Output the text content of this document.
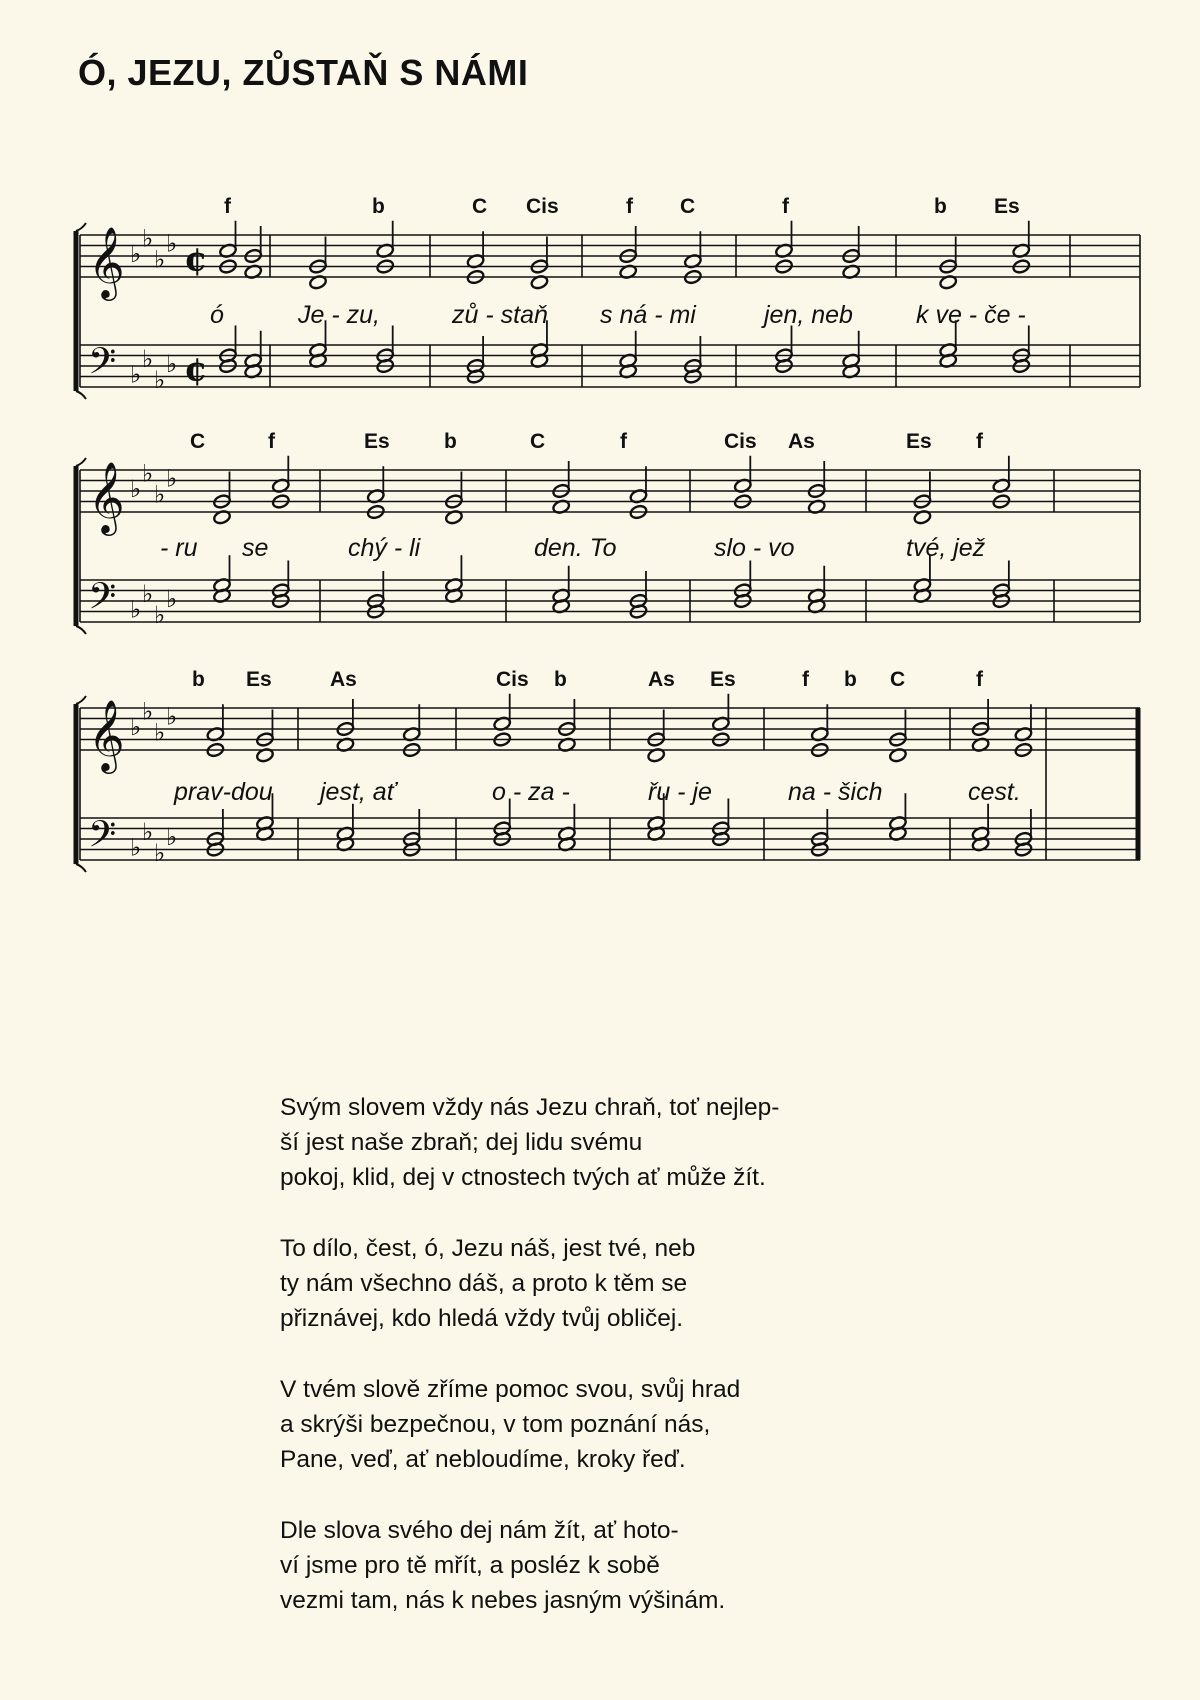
Ó, JEZU, ZŮSTAŇ S NÁMI
f	b	C Cis	f C	f	b Es
𝄞
𝄢
♭
♭
♭
♭
♭
♭
♭
♭
¢
¢
ó	Je - zu,	zů - staň s ná - mi	jen, neb	k ve - če -
C	f	Es	b	C	f	Cis As	Es f
𝄞
𝄢
♭
♭
♭
♭
♭
♭
♭
♭
- ru se	chý - li	den. To	slo - vo	tvé, jež
b Es	As	Cis b	As Es	f b C	f
𝄞
𝄢
♭
♭
♭
♭
♭
♭
♭
♭
prav-dou jest, ať	o - za -	řu - je	na - šich	cest.
Svým slovem vždy nás Jezu chraň, toť nejlep-
ší jest naše zbraň; dej lidu svému
pokoj, klid, dej v ctnostech tvých ať může žít.
To dílo, čest, ó, Jezu náš, jest tvé, neb
ty nám všechno dáš, a proto k těm se
přiznávej, kdo hledá vždy tvůj obličej.
V tvém slově zříme pomoc svou, svůj hrad
a skrýši bezpečnou, v tom poznání nás,
Pane, veď, ať nebloudíme, kroky řeď.
Dle slova svého dej nám žít, ať hoto-
ví jsme pro tě mřít, a posléz k sobě
vezmi tam, nás k nebes jasným výšinám.
